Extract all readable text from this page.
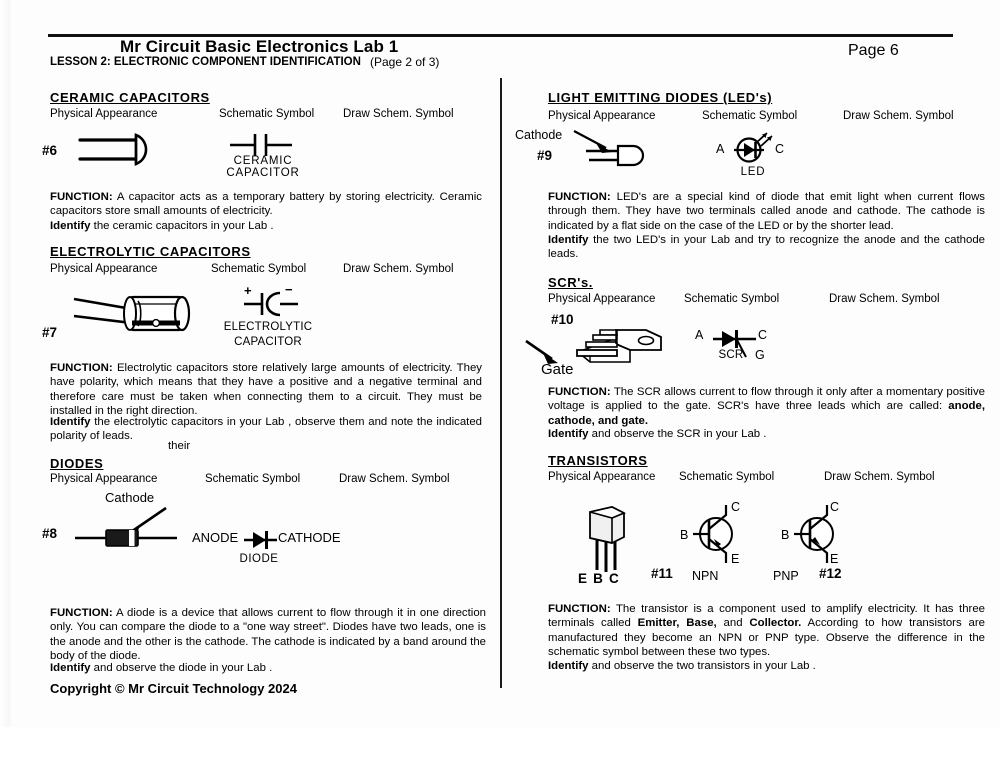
Mr Circuit Basic Electronics Lab 1
LESSON 2: ELECTRONIC COMPONENT IDENTIFICATION (Page 2 of 3)
Page 6
CERAMIC CAPACITORS
Physical Appearance	Schematic Symbol	Draw Schem. Symbol
#6
CERAMIC
CAPACITOR
FUNCTION: A capacitor acts as a temporary battery by storing electricity. Ceramic capacitors store small amounts of electricity.
Identify the ceramic capacitors in your Lab .
ELECTROLYTIC CAPACITORS
Physical Appearance	Schematic Symbol	Draw Schem. Symbol
#7
+	−
ELECTROLYTIC
CAPACITOR
FUNCTION: Electrolytic capacitors store relatively large amounts of electricity. They have polarity, which means that they have a positive and a negative terminal and therefore care must be taken when connecting them to a circuit. They must be installed in the right direction.
Identify the electrolytic capacitors in your Lab , observe them and note the indicated polarity of leads.
their
DIODES
Physical Appearance	Schematic Symbol	Draw Schem. Symbol
Cathode
#8	ANODE	CATHODE
DIODE
FUNCTION: A diode is a device that allows current to flow through it in one direction only. You can compare the diode to a "one way street". Diodes have two leads, one is the anode and the other is the cathode. The cathode is indicated by a band around the body of the diode.
Identify and observe the diode in your Lab .
Copyright © Mr Circuit Technology 2024
LIGHT EMITTING DIODES (LED's)
Physical Appearance	Schematic Symbol	Draw Schem. Symbol
Cathode
#9	A	C
LED
FUNCTION: LED's are a special kind of diode that emit light when current flows through them. They have two terminals called anode and cathode. The cathode is indicated by a flat side on the case of the LED or by the shorter lead.
Identify the two LED's in your Lab and try to recognize the anode and the cathode leads.
SCR's.
Physical Appearance Schematic Symbol	Draw Schem. Symbol
#10
Gate
A	C
G
SCR
FUNCTION: The SCR allows current to flow through it only after a momentary positive voltage is applied to the gate. SCR's have three leads which are called: anode, cathode, and gate.
Identify and observe the SCR in your Lab .
TRANSISTORS
Physical Appearance Schematic Symbol	Draw Schem. Symbol
E B C
B
C
E
#11 NPN
B
C
E
PNP #12
FUNCTION: The transistor is a component used to amplify electricity. It has three terminals called Emitter, Base, and Collector. According to how transistors are manufactured they become an NPN or PNP type. Observe the difference in the schematic symbol between these two types.
Identify and observe the two transistors in your Lab .
